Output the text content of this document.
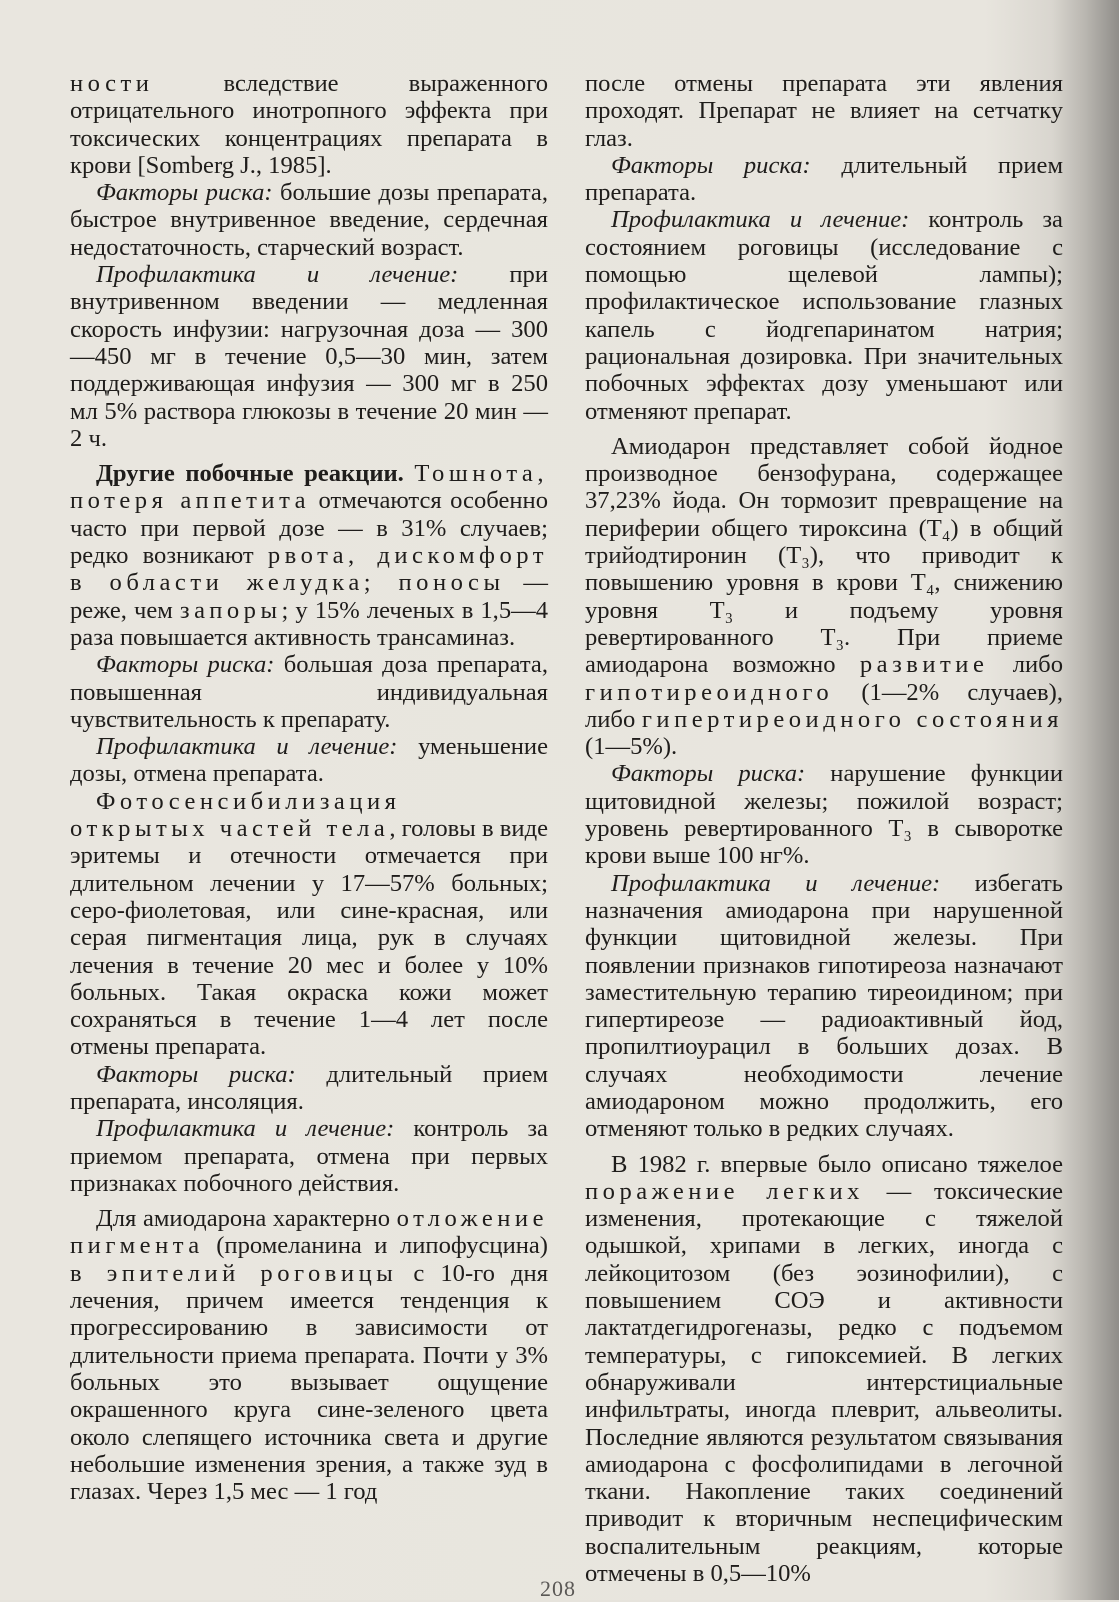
ности вследствие выраженного отрицательного инотропного эффекта при токсических концентрациях препарата в крови [Somberg J., 1985].

Факторы риска: большие дозы препарата, быстрое внутривенное введение, сердечная недостаточность, старческий возраст.

Профилактика и лечение: при внутривенном введении — медленная скорость инфузии: нагрузочная доза — 300—450 мг в течение 0,5—30 мин, затем поддерживающая инфузия — 300 мг в 250 мл 5% раствора глюкозы в течение 20 мин — 2 ч.

Другие побочные реакции. Тошнота, потеря аппетита отмечаются особенно часто при первой дозе — в 31% случаев; редко возникают рвота, дискомфорт в области желудка; поносы — реже, чем запоры; у 15% леченых в 1,5—4 раза повышается активность трансаминаз.

Факторы риска: большая доза препарата, повышенная индивидуальная чувствительность к препарату.

Профилактика и лечение: уменьшение дозы, отмена препарата.

Фотосенсибилизация открытых частей тела, головы в виде эритемы и отечности отмечается при длительном лечении у 17—57% больных; серо-фиолетовая, или сине-красная, или серая пигментация лица, рук в случаях лечения в течение 20 мес и более у 10% больных. Такая окраска кожи может сохраняться в течение 1—4 лет после отмены препарата.

Факторы риска: длительный прием препарата, инсоляция.

Профилактика и лечение: контроль за приемом препарата, отмена при первых признаках побочного действия.

Для амиодарона характерно отложение пигмента (промеланина и липофусцина) в эпителий роговицы с 10-го дня лечения, причем имеется тенденция к прогрессированию в зависимости от длительности приема препарата. Почти у 3% больных это вызывает ощущение окрашенного круга сине-зеленого цвета около слепящего источника света и другие небольшие изменения зрения, а также зуд в глазах. Через 1,5 мес — 1 год

после отмены препарата эти явления проходят. Препарат не влияет на сетчатку глаз.

Факторы риска: длительный прием препарата.

Профилактика и лечение: контроль за состоянием роговицы (исследование с помощью щелевой лампы); профилактическое использование глазных капель с йодгепаринатом натрия; рациональная дозировка. При значительных побочных эффектах дозу уменьшают или отменяют препарат.

Амиодарон представляет собой йодное производное бензофурана, содержащее 37,23% йода. Он тормозит превращение на периферии общего тироксина (T₄) в общий трийодтиронин (T₃), что приводит к повышению уровня в крови T₄, снижению уровня T₃ и подъему уровня ревертированного T₃. При приеме амиодарона возможно развитие либо гипотиреоидного (1—2% случаев), либо гипертиреоидного состояния (1—5%).

Факторы риска: нарушение функции щитовидной железы; пожилой возраст; уровень ревертированного T₃ в сыворотке крови выше 100 нг%.

Профилактика и лечение: избегать назначения амиодарона при нарушенной функции щитовидной железы. При появлении признаков гипотиреоза назначают заместительную терапию тиреоидином; при гипертиреозе — радиоактивный йод, пропилтиоурацил в больших дозах. В случаях необходимости лечение амиодароном можно продолжить, его отменяют только в редких случаях.

В 1982 г. впервые было описано тяжелое поражение легких — токсические изменения, протекающие с тяжелой одышкой, хрипами в легких, иногда с лейкоцитозом (без эозинофилии), с повышением СОЭ и активности лактатдегидрогеназы, редко с подъемом температуры, с гипоксемией. В легких обнаруживали интерстициальные инфильтраты, иногда плеврит, альвеолиты. Последние являются результатом связывания амиодарона с фосфолипидами в легочной ткани. Накопление таких соединений приводит к вторичным неспецифическим воспалительным реакциям, которые отмечены в 0,5—10%

208
